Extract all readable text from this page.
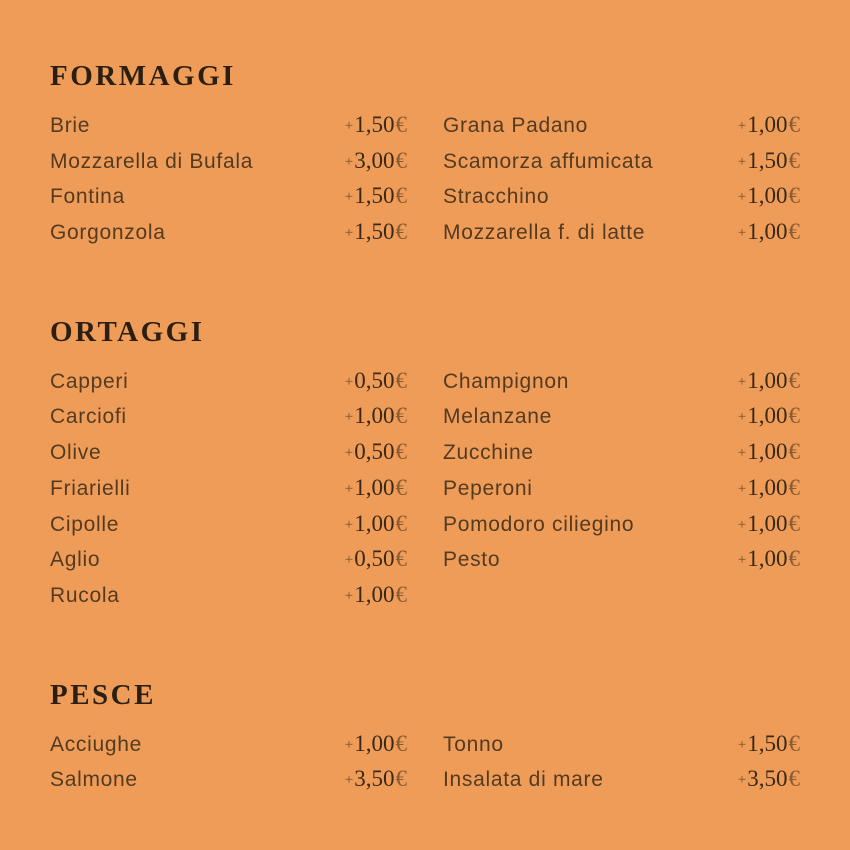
FORMAGGI
Brie	+1,50€
Mozzarella di Bufala	+3,00€
Fontina	+1,50€
Gorgonzola	+1,50€
Grana Padano	+1,00€
Scamorza affumicata	+1,50€
Stracchino	+1,00€
Mozzarella f. di latte	+1,00€
ORTAGGI
Capperi	+0,50€
Carciofi	+1,00€
Olive	+0,50€
Friarielli	+1,00€
Cipolle	+1,00€
Aglio	+0,50€
Rucola	+1,00€
Champignon	+1,00€
Melanzane	+1,00€
Zucchine	+1,00€
Peperoni	+1,00€
Pomodoro ciliegino	+1,00€
Pesto	+1,00€
PESCE
Acciughe	+1,00€
Salmone	+3,50€
Tonno	+1,50€
Insalata di mare	+3,50€
